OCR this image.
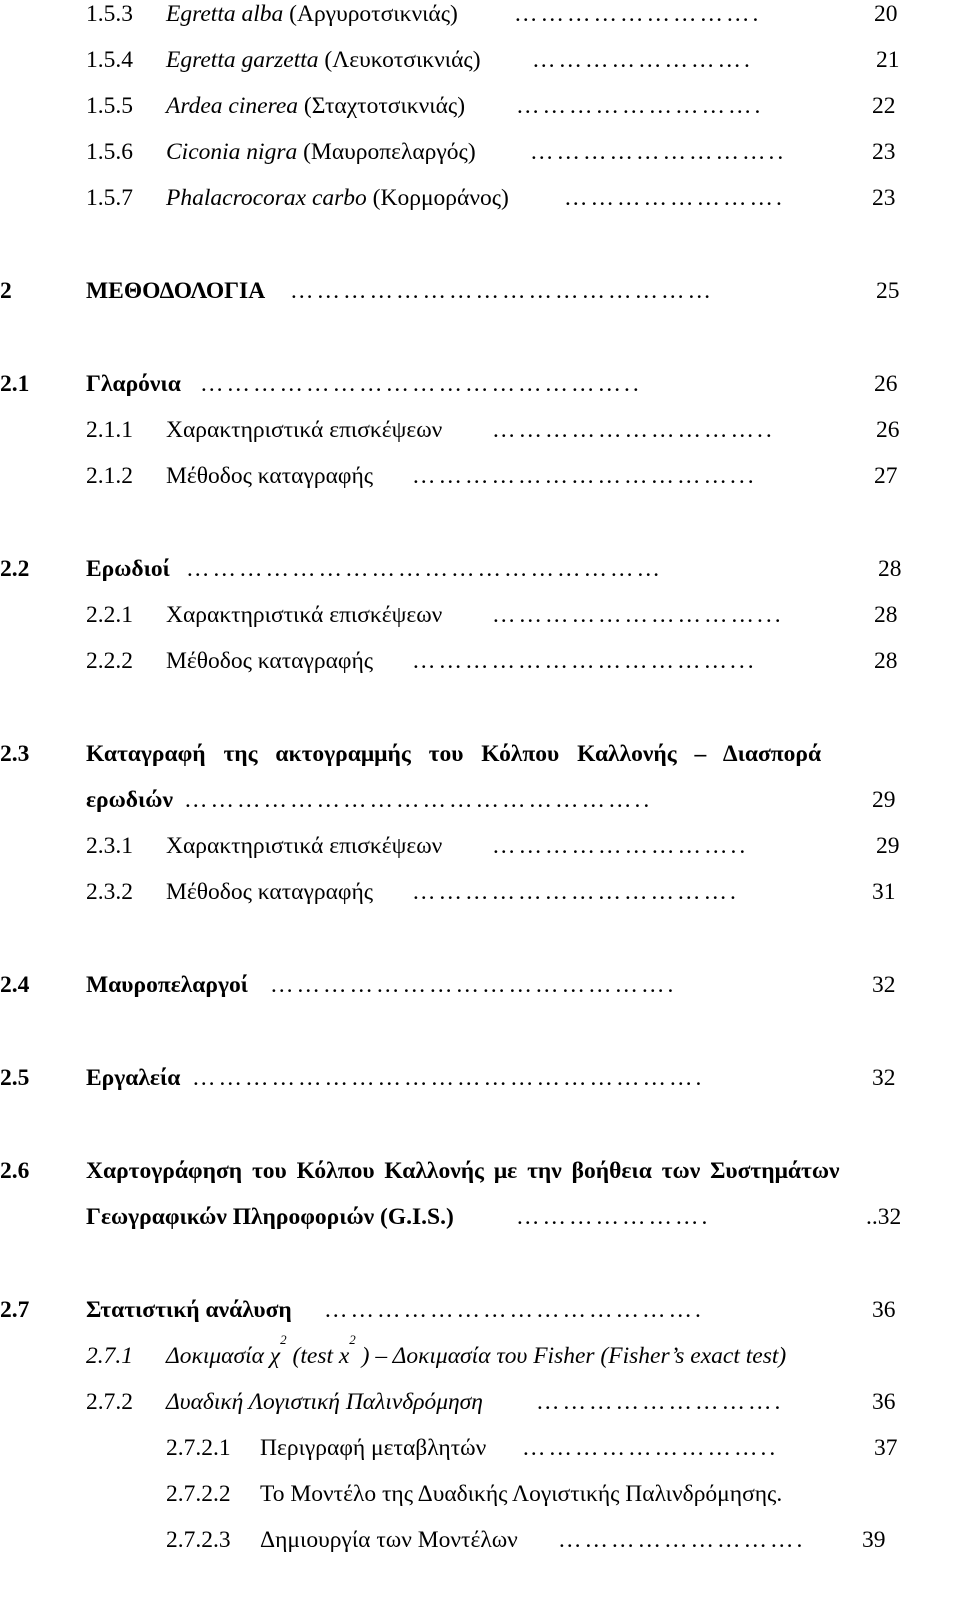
1.5.3 Egretta alba (Αργυροτσικνιάς) ……………………….	20
1.5.4 Egretta garzetta (Λευκοτσικνιάς) …………………….	21
1.5.5 Ardea cinerea (Σταχτοτσικνιάς) ……………………….	22
1.5.6 Ciconia nigra (Μαυροπελαργός) ………………………..	23
1.5.7 Phalacrocorax carbo (Κορμοράνος) …………………….	23
2	ΜΕΘΟΔΟΛΟΓΙΑ …………………………………………	25
2.1 Γλαρόνια …………………………………………..	26
2.1.1 Χαρακτηριστικά επισκέψεων …………………………..	26
2.1.2 Μέθοδος καταγραφής ………………………………...	27
2.2 Ερωδιοί ………………………………………………	28
2.2.1 Χαρακτηριστικά επισκέψεων …………………………...	28
2.2.2 Μέθοδος καταγραφής ………………………………...	28
2.3 Καταγραφή της ακτογραμμής του Κόλπου Καλλονής – Διασπορά
ερωδιών ……………………………………………..	29
2.3.1 Χαρακτηριστικά επισκέψεων ………………………..	29
2.3.2 Μέθοδος καταγραφής ……………………………….	31
2.4 Μαυροπελαργοί ……………………………………….	32
2.5 Εργαλεία ………………………………………………….	32
2.6 Χαρτογράφηση του Κόλπου Καλλονής με την βοήθεια των Συστημάτων
Γεωγραφικών Πληροφοριών (G.I.S.)	………………….	..32
2.7 Στατιστική ανάλυση …………………………………….	36
2.7.1 Δοκιμασία $\chi^2$ (test $x^2$ ) – Δοκιμασία του Fisher (Fisher’s exact test)
2.7.2 Δυαδική Λογιστική Παλινδρόμηση ……………………….	36
2.7.2.1 Περιγραφή μεταβλητών ………………………..	37
2.7.2.2 Το Μοντέλο της Δυαδικής Λογιστικής Παλινδρόμησης.
2.7.2.3 Δημιουργία των Μοντέλων ……………………….	39
